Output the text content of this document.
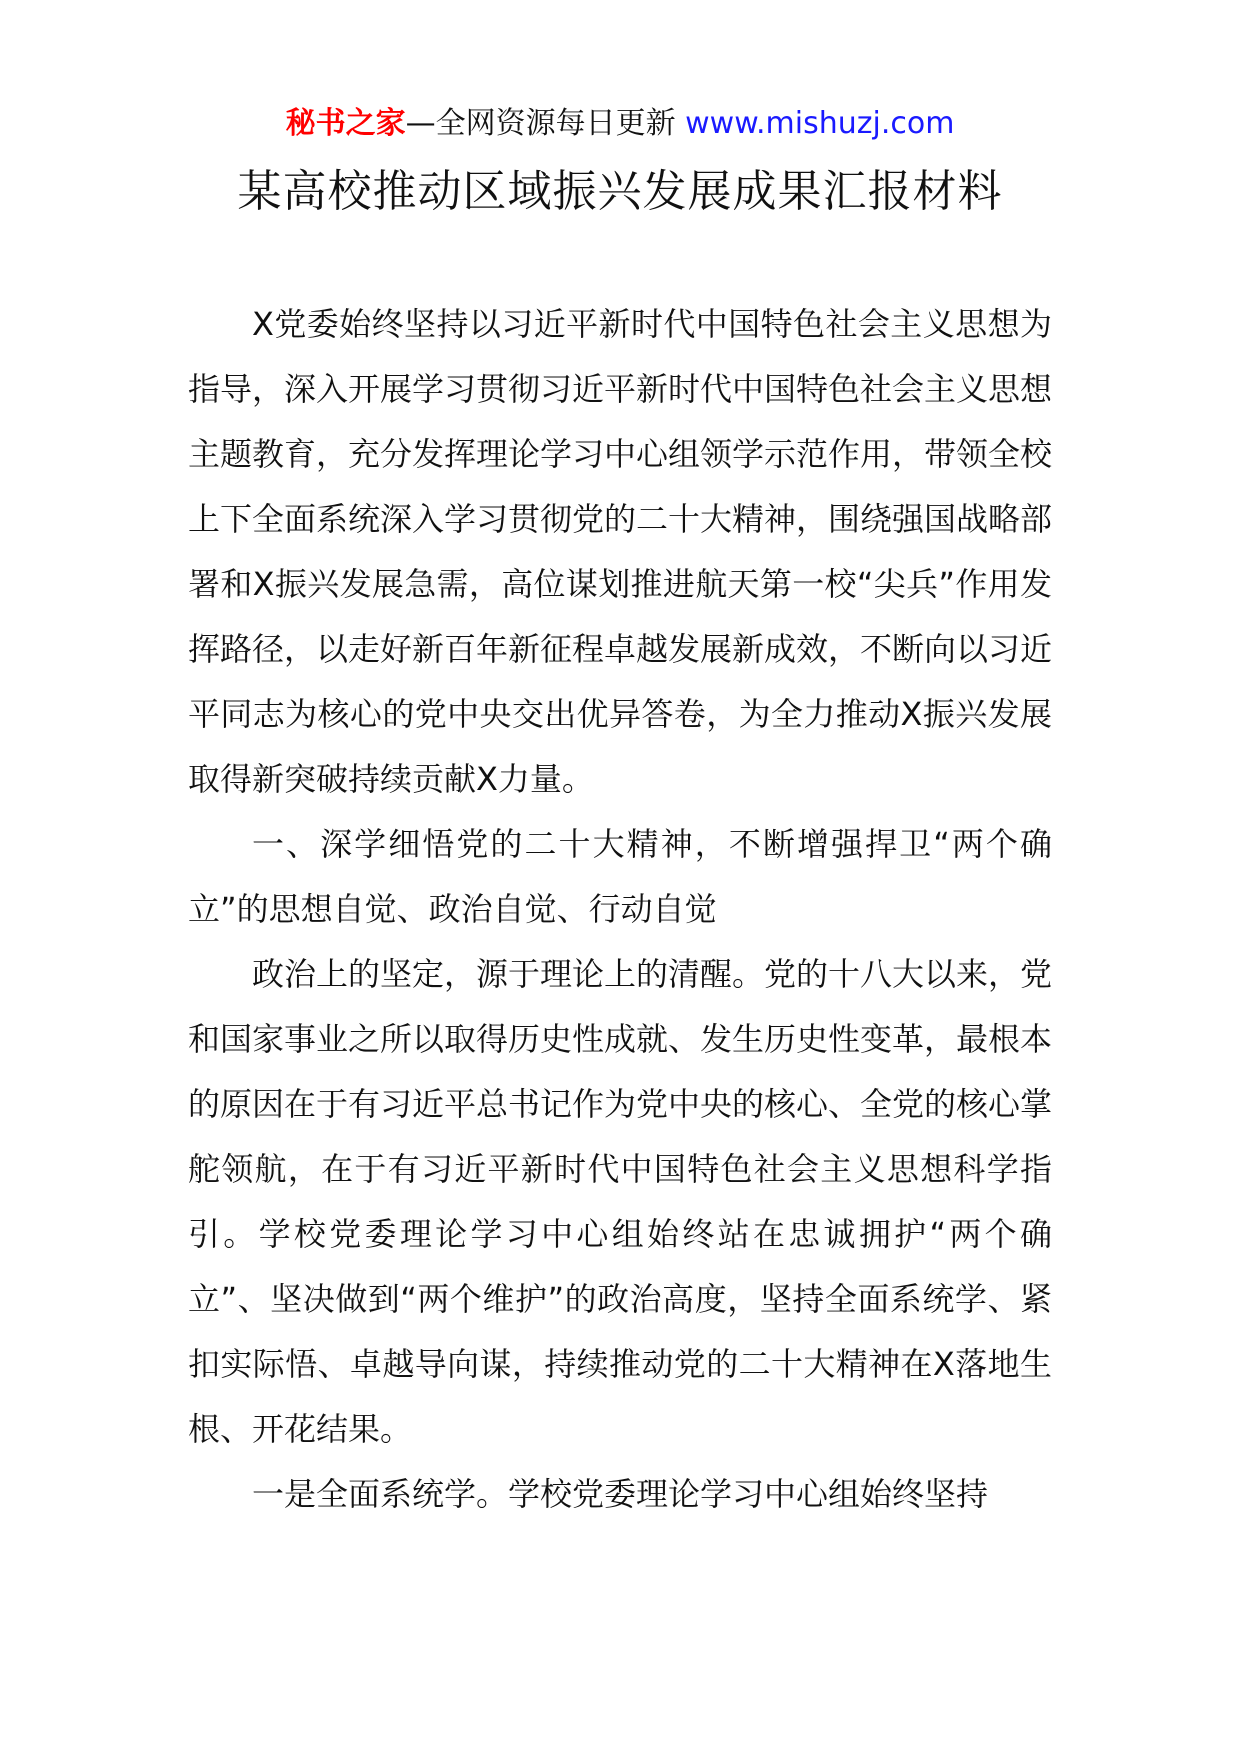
秘书之家—全网资源每日更新 www.mishuzj.com
某高校推动区域振兴发展成果汇报材料

X党委始终坚持以习近平新时代中国特色社会主义思想为指导，深入开展学习贯彻习近平新时代中国特色社会主义思想主题教育，充分发挥理论学习中心组领学示范作用，带领全校上下全面系统深入学习贯彻党的二十大精神，围绕强国战略部署和X振兴发展急需，高位谋划推进航天第一校“尖兵”作用发挥路径，以走好新百年新征程卓越发展新成效，不断向以习近平同志为核心的党中央交出优异答卷，为全力推动X振兴发展取得新突破持续贡献X力量。

一、深学细悟党的二十大精神，不断增强捍卫“两个确立”的思想自觉、政治自觉、行动自觉

政治上的坚定，源于理论上的清醒。党的十八大以来，党和国家事业之所以取得历史性成就、发生历史性变革，最根本的原因在于有习近平总书记作为党中央的核心、全党的核心掌舵领航，在于有习近平新时代中国特色社会主义思想科学指引。学校党委理论学习中心组始终站在忠诚拥护“两个确立”、坚决做到“两个维护”的政治高度，坚持全面系统学、紧扣实际悟、卓越导向谋，持续推动党的二十大精神在X落地生根、开花结果。

一是全面系统学。学校党委理论学习中心组始终坚持
